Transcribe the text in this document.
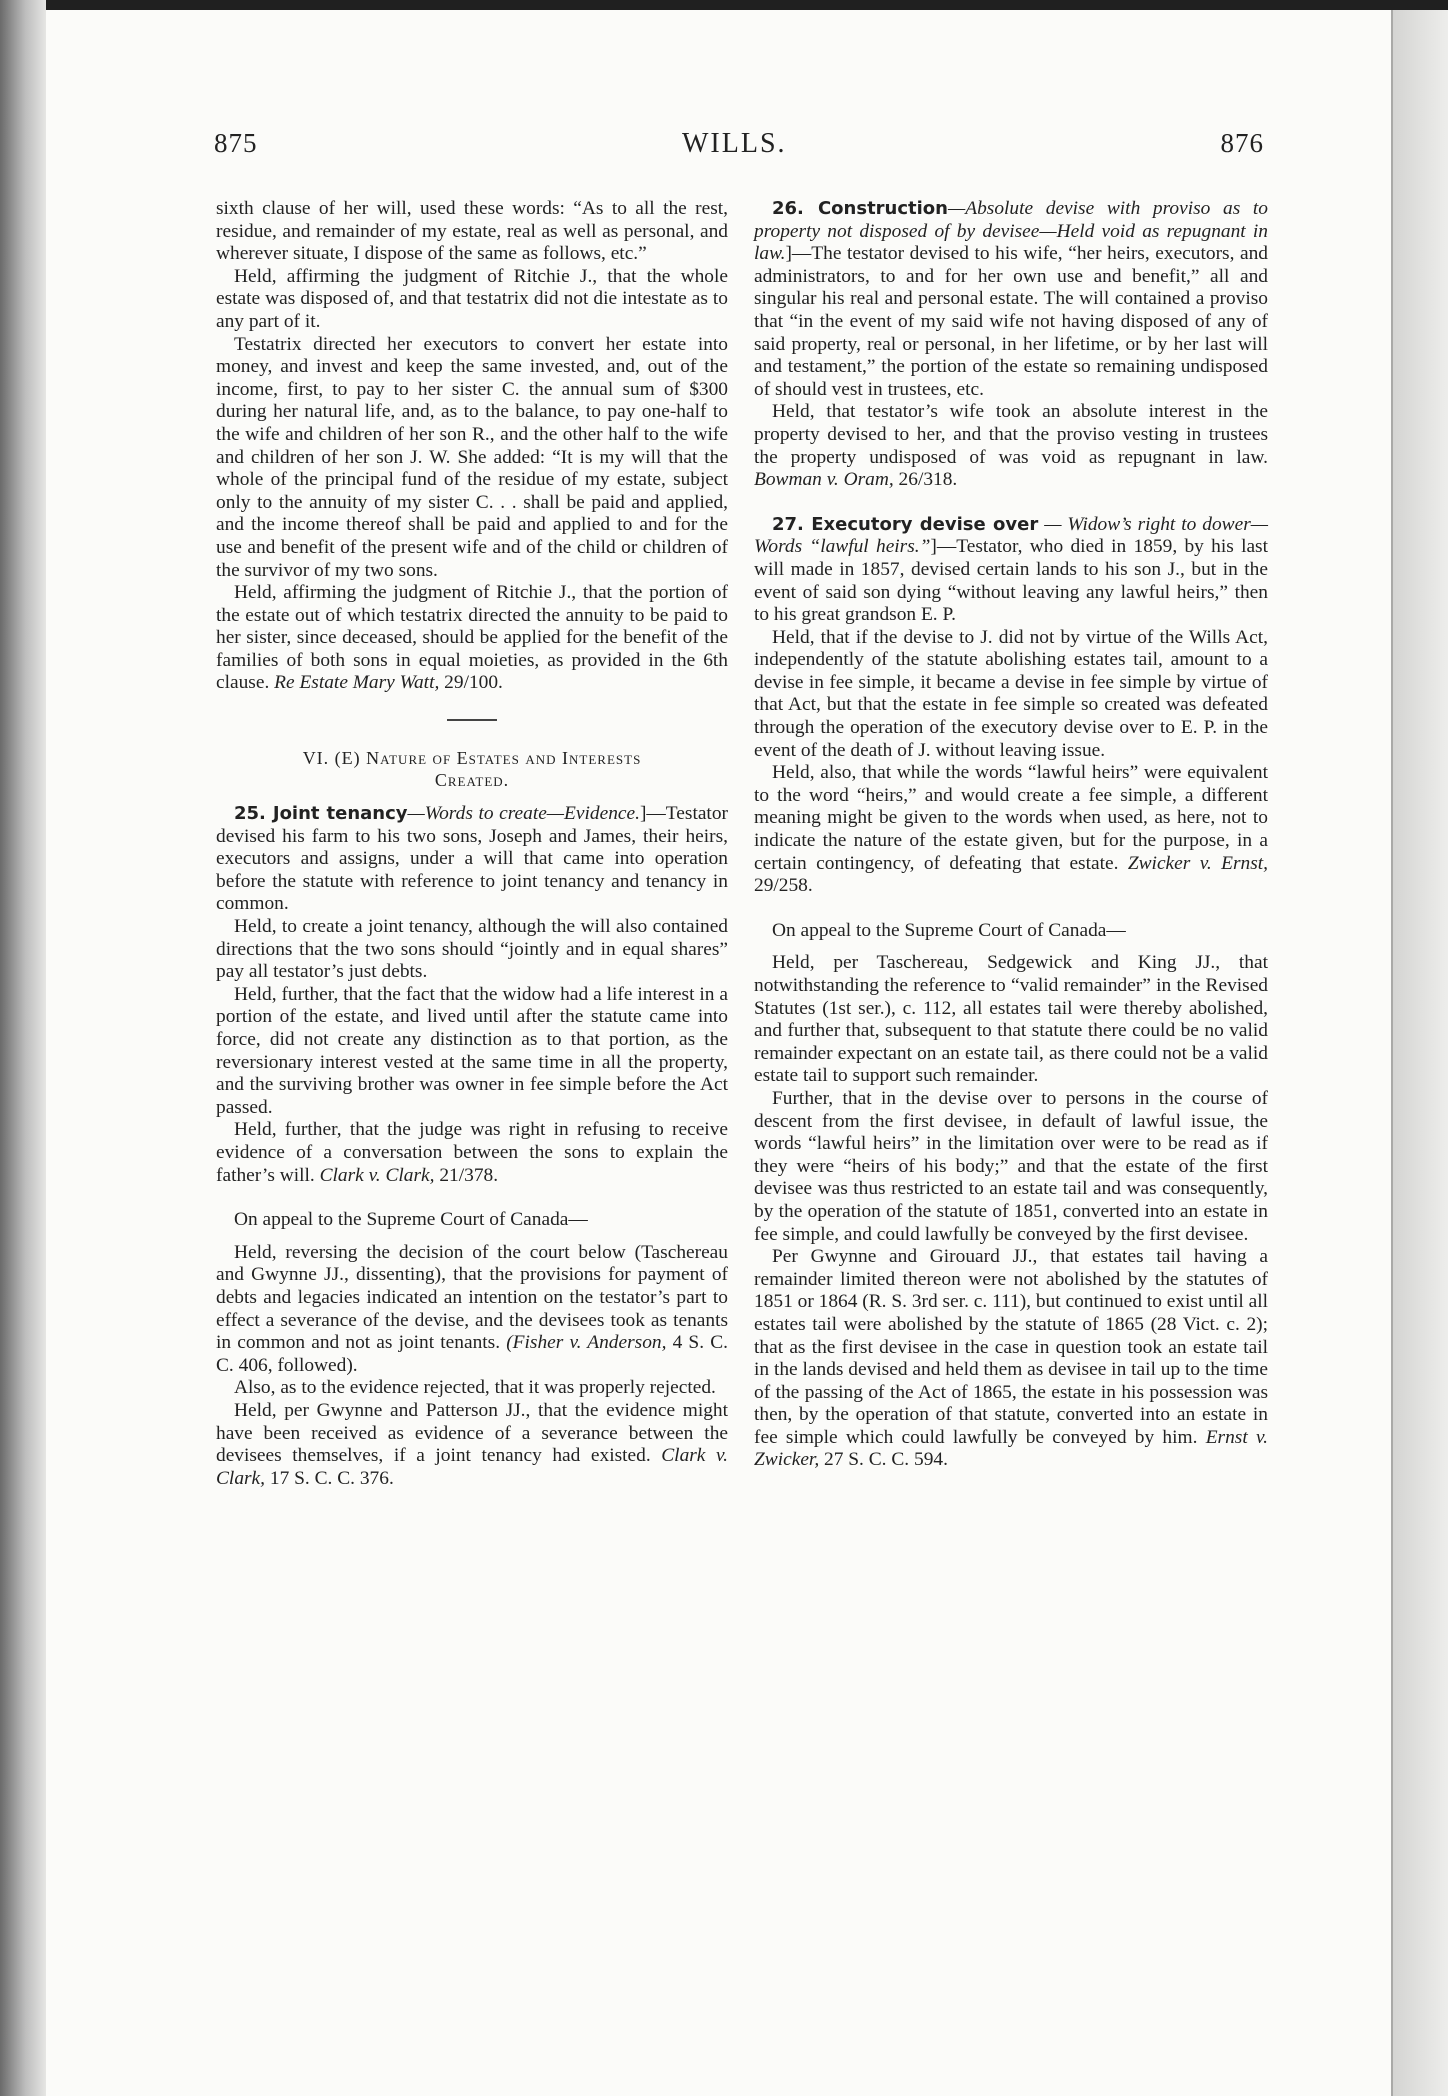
875	WILLS.	876

sixth clause of her will, used these words: “As to all the rest, residue, and remainder of my estate, real as well as personal, and wherever situate, I dispose of the same as follows, etc.”

Held, affirming the judgment of Ritchie J., that the whole estate was disposed of, and that testatrix did not die intestate as to any part of it.

Testatrix directed her executors to convert her estate into money, and invest and keep the same invested, and, out of the income, first, to pay to her sister C. the annual sum of $300 during her natural life, and, as to the balance, to pay one-half to the wife and children of her son R., and the other half to the wife and children of her son J. W. She added: “It is my will that the whole of the principal fund of the residue of my estate, subject only to the annuity of my sister C. . . shall be paid and applied, and the income thereof shall be paid and applied to and for the use and benefit of the present wife and of the child or children of the survivor of my two sons.

Held, affirming the judgment of Ritchie J., that the portion of the estate out of which testatrix directed the annuity to be paid to her sister, since deceased, should be applied for the benefit of the families of both sons in equal moieties, as provided in the 6th clause. Re Estate Mary Watt, 29/100.

VI. (E) Nature of Estates and Interests
Created.

25. Joint tenancy—Words to create—Evidence.]—Testator devised his farm to his two sons, Joseph and James, their heirs, executors and assigns, under a will that came into operation before the statute with reference to joint tenancy and tenancy in common.

Held, to create a joint tenancy, although the will also contained directions that the two sons should “jointly and in equal shares” pay all testator’s just debts.

Held, further, that the fact that the widow had a life interest in a portion of the estate, and lived until after the statute came into force, did not create any distinction as to that portion, as the reversionary interest vested at the same time in all the property, and the surviving brother was owner in fee simple before the Act passed.

Held, further, that the judge was right in refusing to receive evidence of a conversation between the sons to explain the father’s will. Clark v. Clark, 21/378.

On appeal to the Supreme Court of Canada—

Held, reversing the decision of the court below (Taschereau and Gwynne JJ., dissenting), that the provisions for payment of debts and legacies indicated an intention on the testator’s part to effect a severance of the devise, and the devisees took as tenants in common and not as joint tenants. (Fisher v. Anderson, 4 S. C. C. 406, followed).

Also, as to the evidence rejected, that it was properly rejected.

Held, per Gwynne and Patterson JJ., that the evidence might have been received as evidence of a severance between the devisees themselves, if a joint tenancy had existed. Clark v. Clark, 17 S. C. C. 376.

26. Construction—Absolute devise with proviso as to property not disposed of by devisee—Held void as repugnant in law.]—The testator devised to his wife, “her heirs, executors, and administrators, to and for her own use and benefit,” all and singular his real and personal estate. The will contained a proviso that “in the event of my said wife not having disposed of any of said property, real or personal, in her lifetime, or by her last will and testament,” the portion of the estate so remaining undisposed of should vest in trustees, etc.

Held, that testator’s wife took an absolute interest in the property devised to her, and that the proviso vesting in trustees the property undisposed of was void as repugnant in law. Bowman v. Oram, 26/318.

27. Executory devise over — Widow’s right to dower—Words “lawful heirs.”]—Testator, who died in 1859, by his last will made in 1857, devised certain lands to his son J., but in the event of said son dying “without leaving any lawful heirs,” then to his great grandson E. P.

Held, that if the devise to J. did not by virtue of the Wills Act, independently of the statute abolishing estates tail, amount to a devise in fee simple, it became a devise in fee simple by virtue of that Act, but that the estate in fee simple so created was defeated through the operation of the executory devise over to E. P. in the event of the death of J. without leaving issue.

Held, also, that while the words “lawful heirs” were equivalent to the word “heirs,” and would create a fee simple, a different meaning might be given to the words when used, as here, not to indicate the nature of the estate given, but for the purpose, in a certain contingency, of defeating that estate. Zwicker v. Ernst, 29/258.

On appeal to the Supreme Court of Canada—

Held, per Taschereau, Sedgewick and King JJ., that notwithstanding the reference to “valid remainder” in the Revised Statutes (1st ser.), c. 112, all estates tail were thereby abolished, and further that, subsequent to that statute there could be no valid remainder expectant on an estate tail, as there could not be a valid estate tail to support such remainder.

Further, that in the devise over to persons in the course of descent from the first devisee, in default of lawful issue, the words “lawful heirs” in the limitation over were to be read as if they were “heirs of his body;” and that the estate of the first devisee was thus restricted to an estate tail and was consequently, by the operation of the statute of 1851, converted into an estate in fee simple, and could lawfully be conveyed by the first devisee.

Per Gwynne and Girouard JJ., that estates tail having a remainder limited thereon were not abolished by the statutes of 1851 or 1864 (R. S. 3rd ser. c. 111), but continued to exist until all estates tail were abolished by the statute of 1865 (28 Vict. c. 2); that as the first devisee in the case in question took an estate tail in the lands devised and held them as devisee in tail up to the time of the passing of the Act of 1865, the estate in his possession was then, by the operation of that statute, converted into an estate in fee simple which could lawfully be conveyed by him. Ernst v. Zwicker, 27 S. C. C. 594.
